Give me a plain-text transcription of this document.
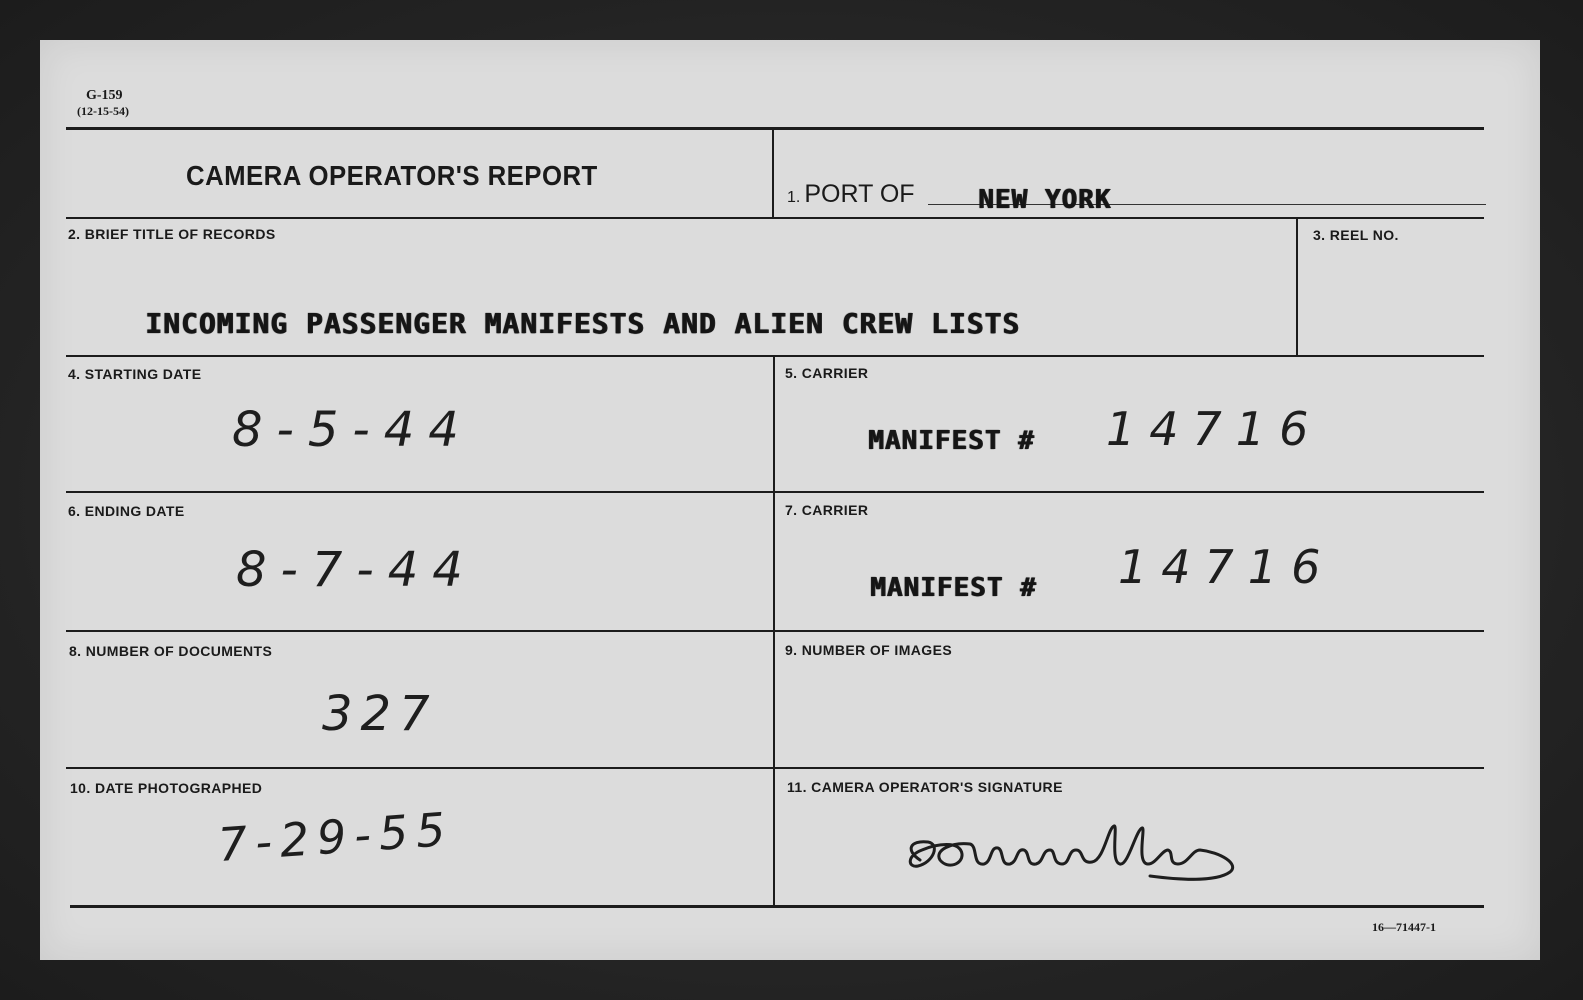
G-159
(12-15-54)
CAMERA OPERATOR'S REPORT
1. PORT OF NEW YORK
2. BRIEF TITLE OF RECORDS
INCOMING PASSENGER MANIFESTS AND ALIEN CREW LISTS
3. REEL NO.
4. STARTING DATE
8-5-44
5. CARRIER
MANIFEST # 14716
6. ENDING DATE
8-7-44
7. CARRIER
MANIFEST # 14716
8. NUMBER OF DOCUMENTS
327
9. NUMBER OF IMAGES
10. DATE PHOTOGRAPHED
7-29-55
11. CAMERA OPERATOR'S SIGNATURE
16—71447-1
